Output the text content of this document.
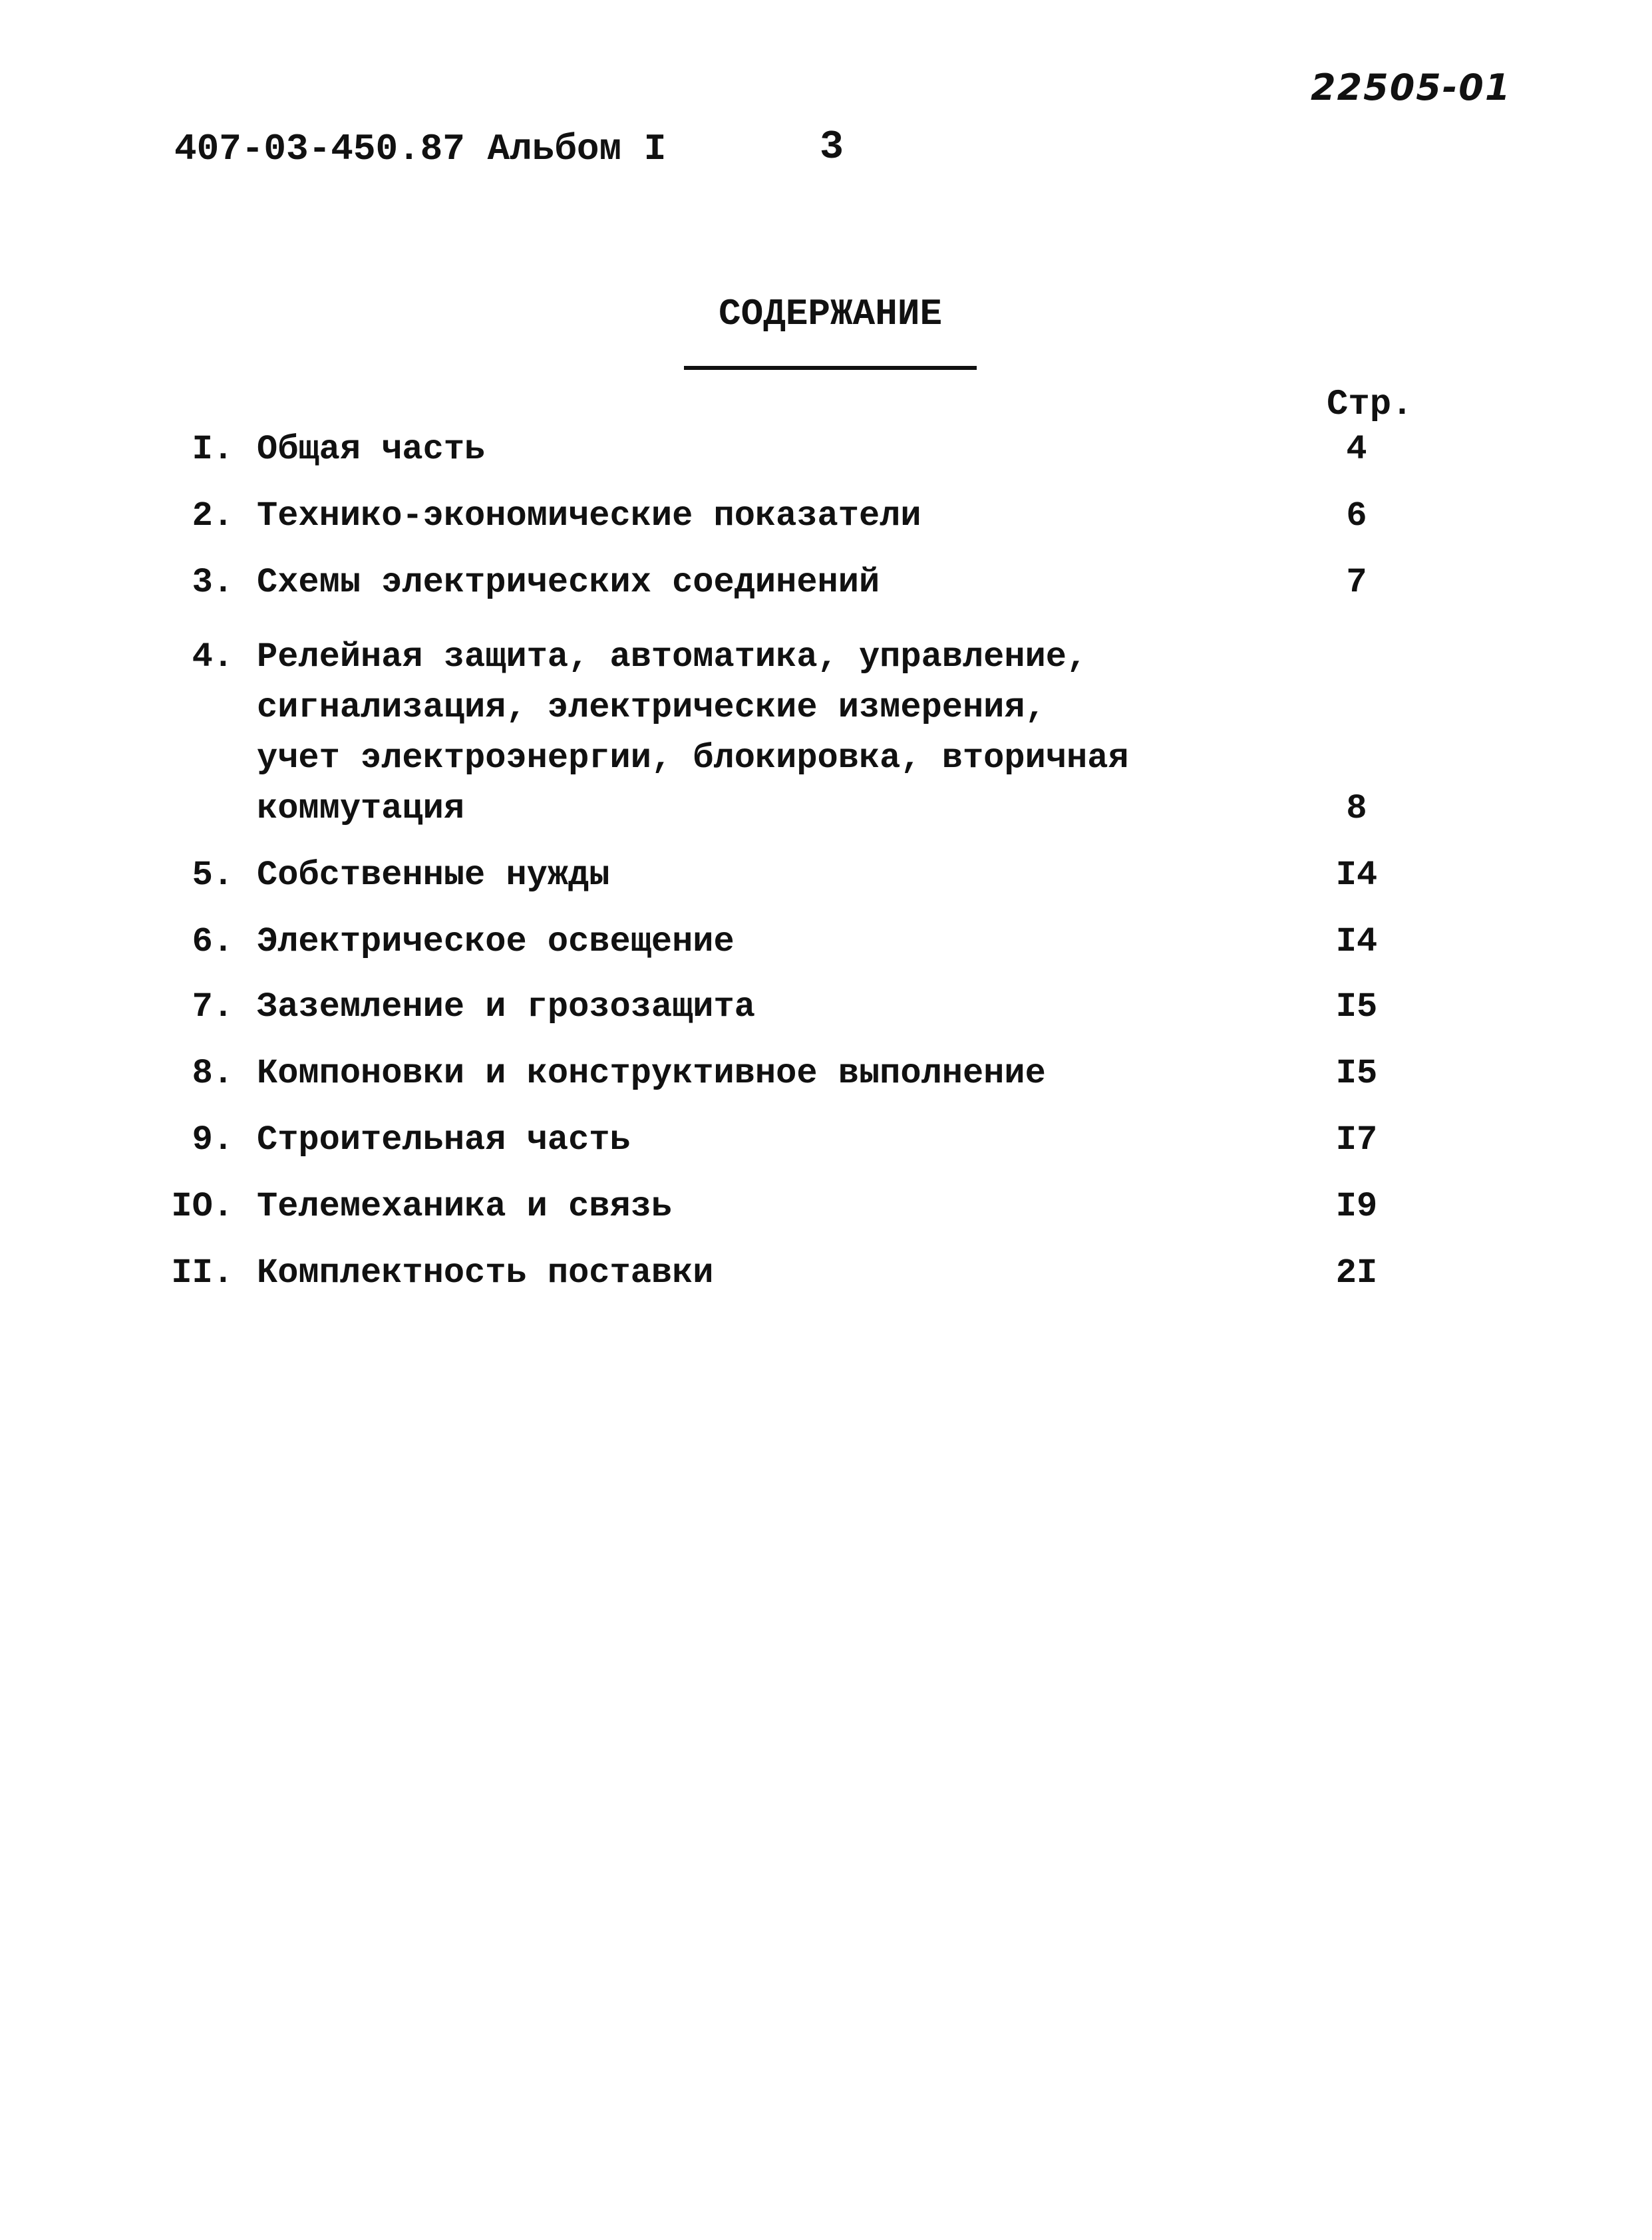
22505-01
407-03-450.87 Альбом I	3
СОДЕРЖАНИЕ
Стр.
I. Общая часть	4
2. Технико-экономические показатели	6
3. Схемы электрических соединений	7
4. Релейная защита, автоматика, управление,
сигнализация, электрические измерения,
учет электроэнергии, блокировка, вторичная
коммутация	8
5. Собственные нужды	I4
6. Электрическое освещение	I4
7. Заземление и грозозащита	I5
8. Компоновки и конструктивное выполнение	I5
9. Строительная часть	I7
IO. Телемеханика и связь	I9
II. Комплектность поставки	2I
